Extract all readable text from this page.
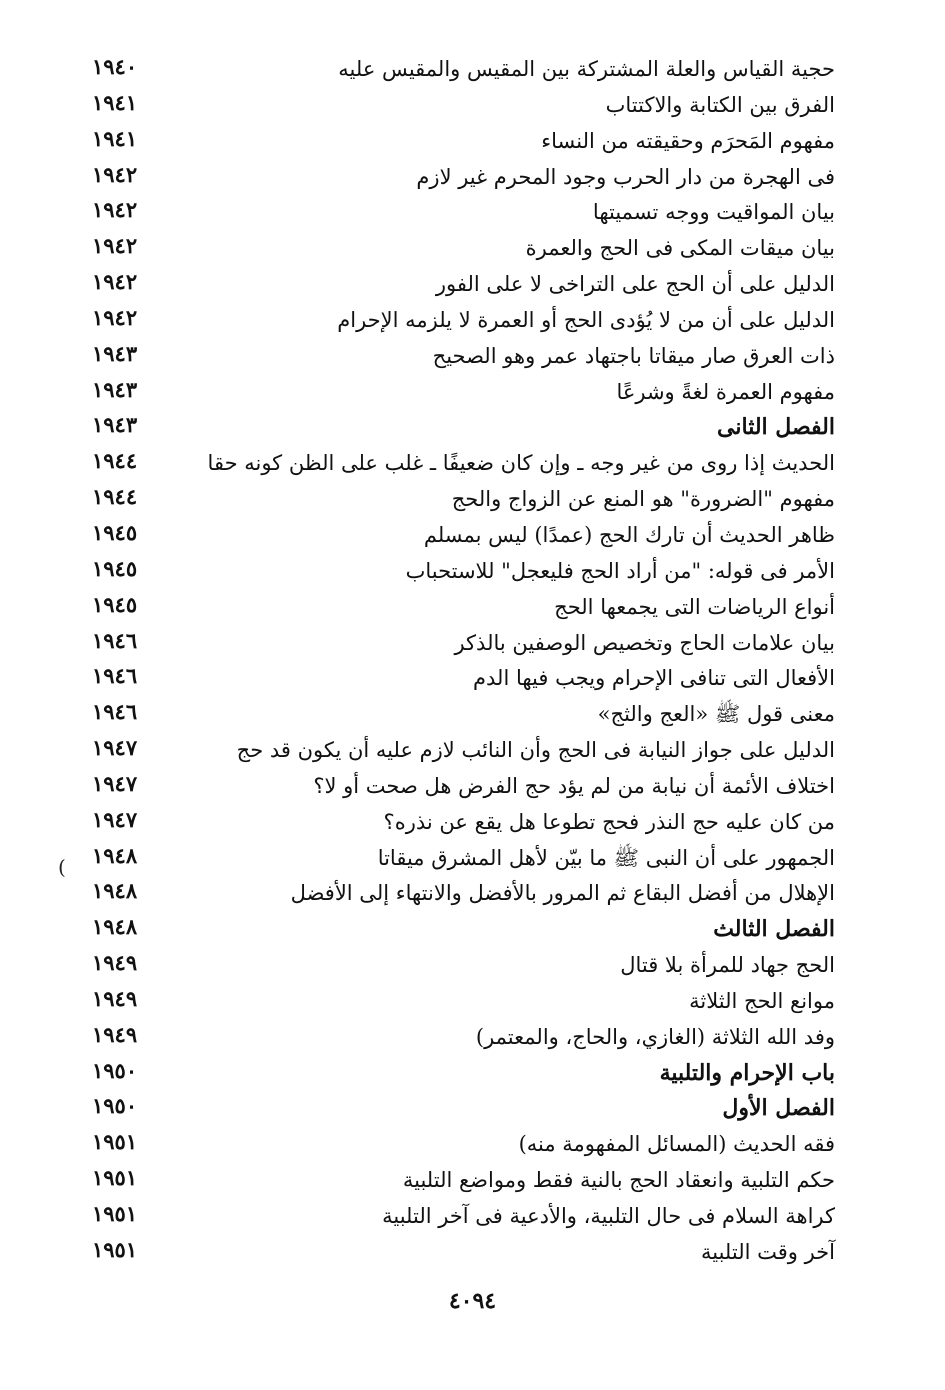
حجية القياس والعلة المشتركة بين المقيس والمقيس عليه
١٩٤٠
الفرق بين الكتابة والاكتتاب
١٩٤١
مفهوم المَحرَم وحقيقته من النساء
١٩٤١
فى الهجرة من دار الحرب وجود المحرم غير لازم
١٩٤٢
بيان المواقيت ووجه تسميتها
١٩٤٢
بيان ميقات المكى فى الحج والعمرة
١٩٤٢
الدليل على أن الحج على التراخى لا على الفور
١٩٤٢
الدليل على أن من لا يُؤدى الحج أو العمرة لا يلزمه الإحرام
١٩٤٢
ذات العرق صار ميقاتا باجتهاد عمر وهو الصحيح
١٩٤٣
مفهوم العمرة لغةً وشرعًا
١٩٤٣
الفصل الثانى
١٩٤٣
الحديث إذا روى من غير وجه ـ وإن كان ضعيفًا ـ غلب على الظن كونه حقا
١٩٤٤
مفهوم "الضرورة" هو المنع عن الزواج والحج
١٩٤٤
ظاهر الحديث أن تارك الحج (عمدًا) ليس بمسلم
١٩٤٥
الأمر فى قوله: "من أراد الحج فليعجل" للاستحباب
١٩٤٥
أنواع الرياضات التى يجمعها الحج
١٩٤٥
بيان علامات الحاج وتخصيص الوصفين بالذكر
١٩٤٦
الأفعال التى تنافى الإحرام ويجب فيها الدم
١٩٤٦
معنى قول ﷺ «العج والثج»
١٩٤٦
الدليل على جواز النيابة فى الحج وأن النائب لازم عليه أن يكون قد حج
١٩٤٧
اختلاف الأئمة أن نيابة من لم يؤد حج الفرض هل صحت أو لا؟
١٩٤٧
من كان عليه حج النذر فحج تطوعا هل يقع عن نذره؟
١٩٤٧
الجمهور على أن النبى ﷺ ما بيّن لأهل المشرق ميقاتا
١٩٤٨
الإهلال من أفضل البقاع ثم المرور بالأفضل والانتهاء إلى الأفضل
١٩٤٨
الفصل الثالث
١٩٤٨
الحج جهاد للمرأة بلا قتال
١٩٤٩
موانع الحج الثلاثة
١٩٤٩
وفد الله الثلاثة (الغازي، والحاج، والمعتمر)
١٩٤٩
باب الإحرام والتلبية
١٩٥٠
الفصل الأول
١٩٥٠
فقه الحديث (المسائل المفهومة منه)
١٩٥١
حكم التلبية وانعقاد الحج بالنية فقط ومواضع التلبية
١٩٥١
كراهة السلام فى حال التلبية، والأدعية فى آخر التلبية
١٩٥١
آخر وقت التلبية
١٩٥١
(
٤٠٩٤
